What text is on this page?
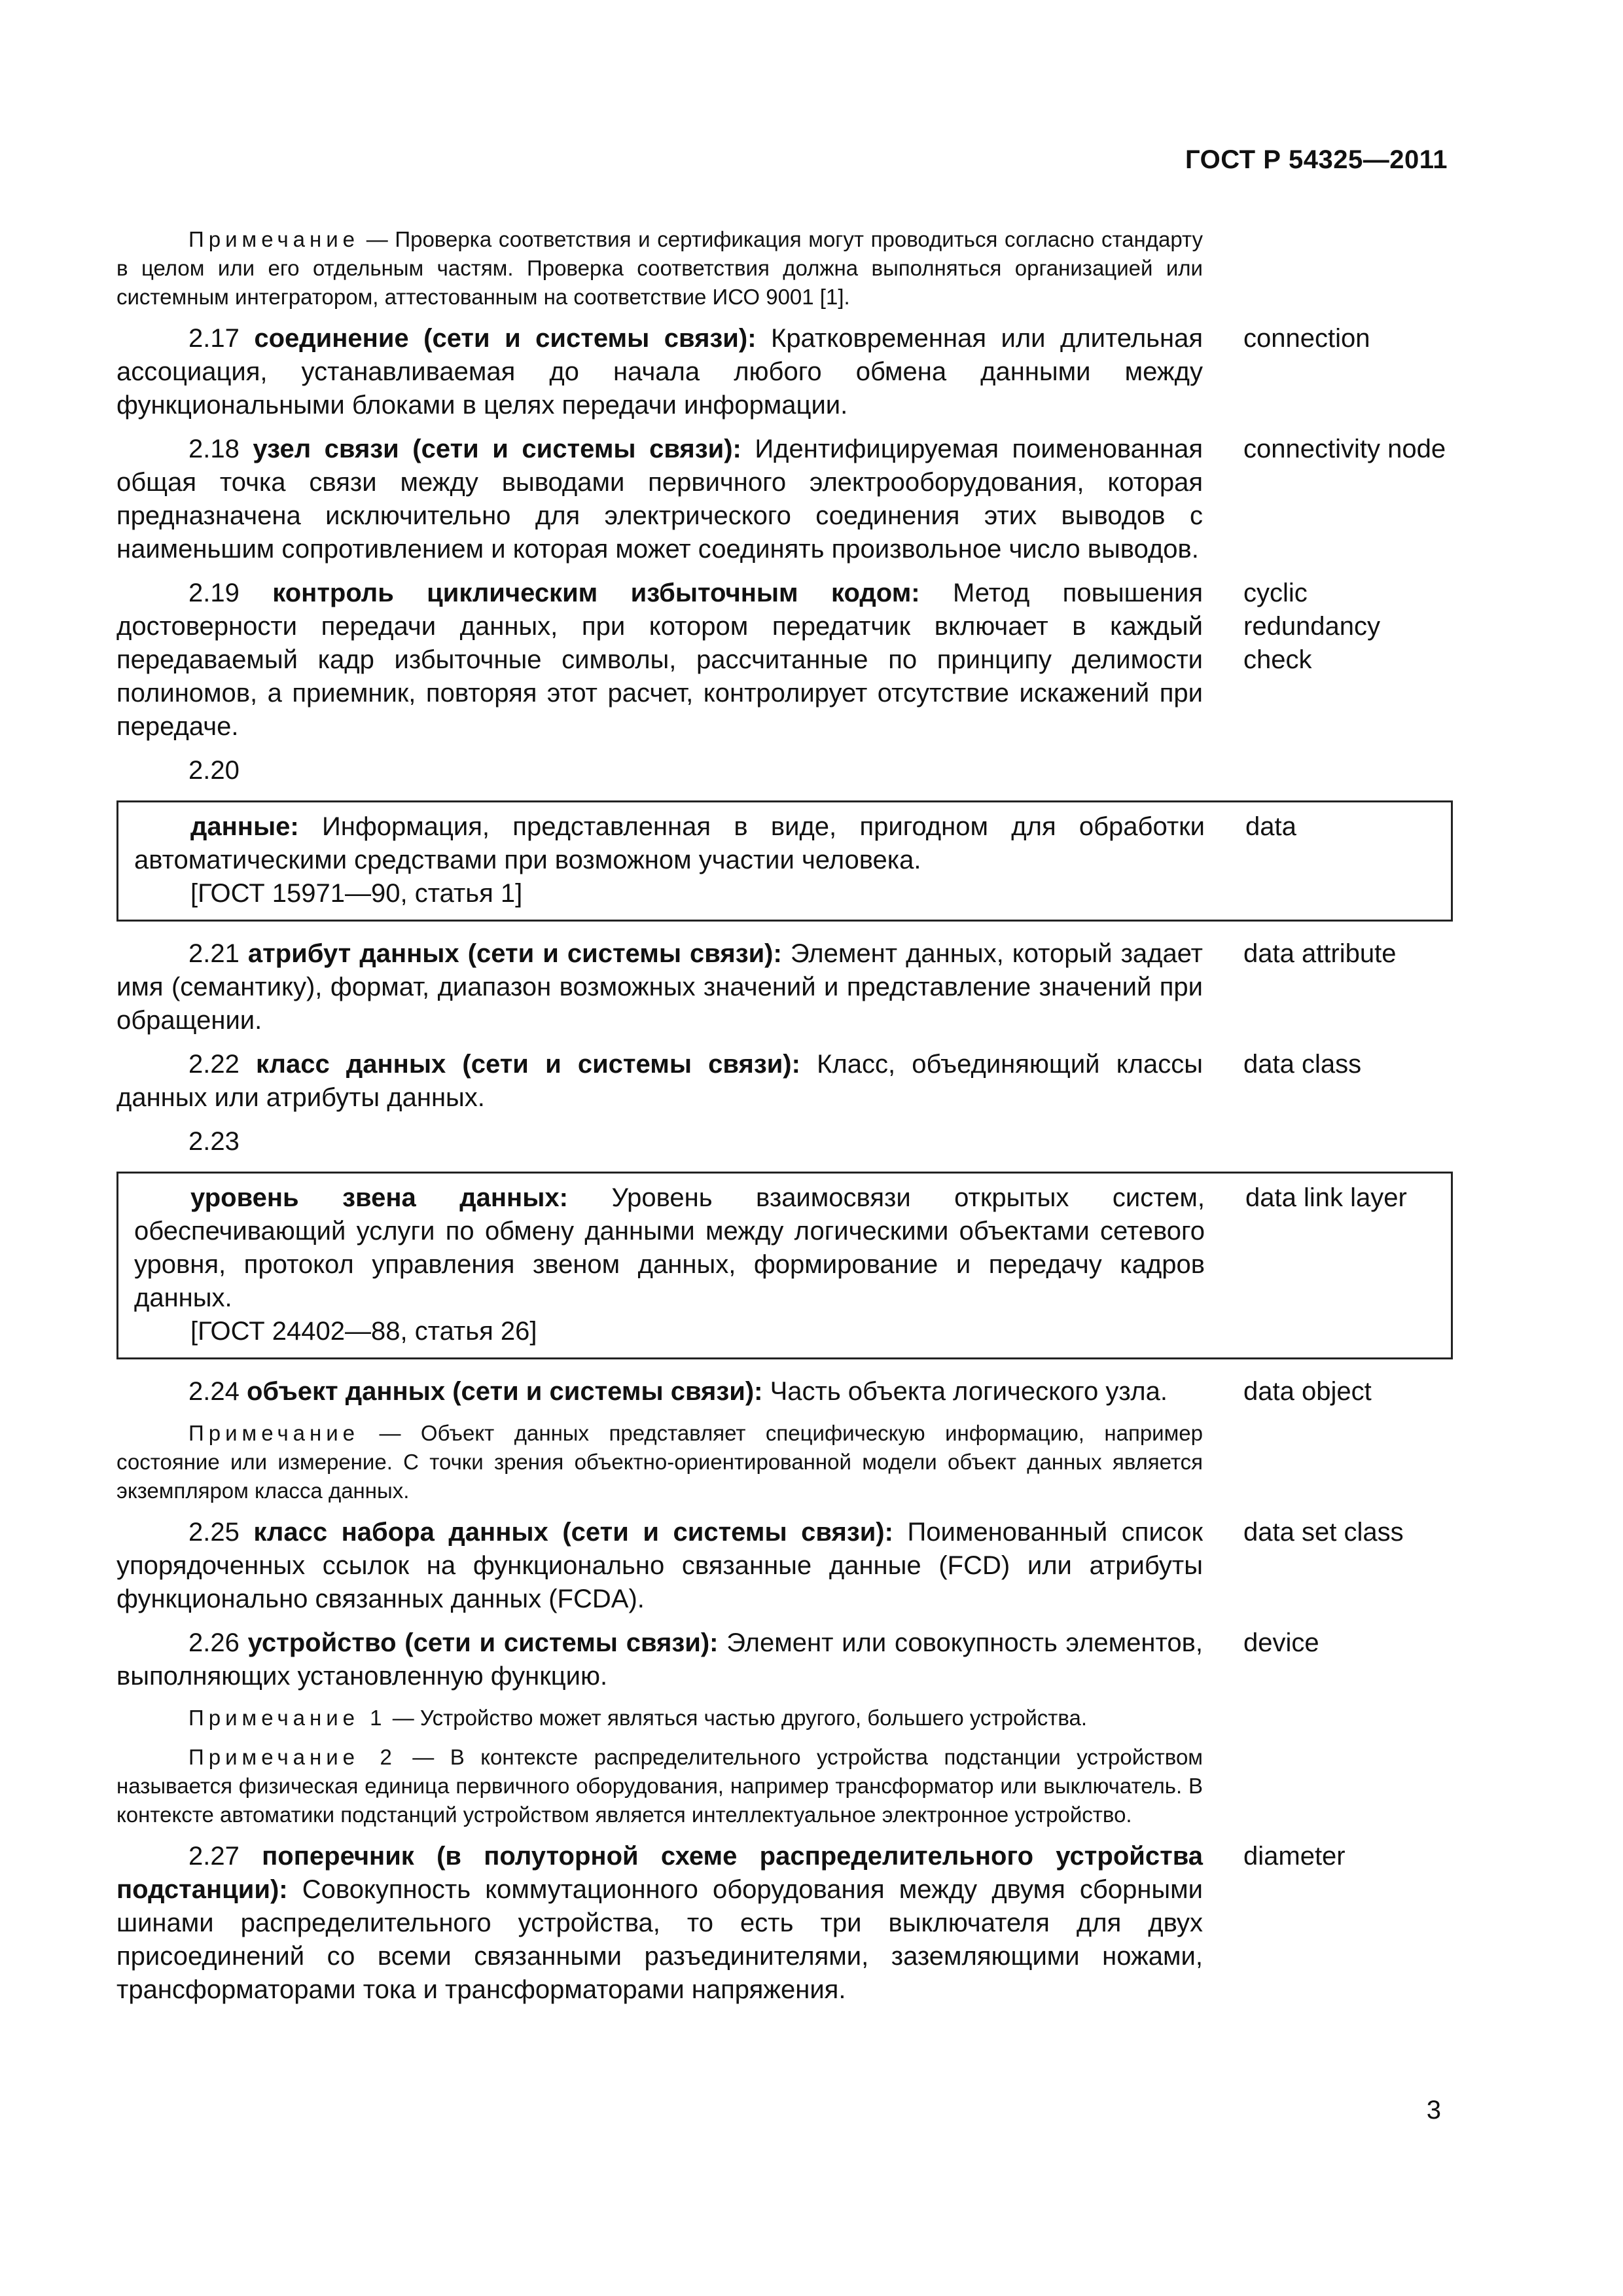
ГОСТ Р 54325—2011
Примечание — Проверка соответствия и сертификация могут проводиться согласно стандарту в целом или его отдельным частям. Проверка соответствия должна выполняться организацией или системным интегратором, аттестованным на соответствие ИСО 9001 [1].
2.17 соединение (сети и системы связи): Кратковременная или длительная ассоциация, устанавливаемая до начала любого обмена данными между функциональными блоками в целях передачи информации.
connection
2.18 узел связи (сети и системы связи): Идентифицируемая поименованная общая точка связи между выводами первичного электрооборудования, которая предназначена исключительно для электрического соединения этих выводов с наименьшим сопротивлением и которая может соединять произвольное число выводов.
connectivity node
2.19 контроль циклическим избыточным кодом: Метод повышения достоверности передачи данных, при котором передатчик включает в каждый передаваемый кадр избыточные символы, рассчитанные по принципу делимости полиномов, а приемник, повторяя этот расчет, контролирует отсутствие искажений при передаче.
cyclic redundancy check
2.20
данные: Информация, представленная в виде, пригодном для обработки автоматическими средствами при возможном участии человека.
[ГОСТ 15971—90, статья 1]
data
2.21 атрибут данных (сети и системы связи): Элемент данных, который задает имя (семантику), формат, диапазон возможных значений и представление значений при обращении.
data attribute
2.22 класс данных (сети и системы связи): Класс, объединяющий классы данных или атрибуты данных.
data class
2.23
уровень звена данных: Уровень взаимосвязи открытых систем, обеспечивающий услуги по обмену данными между логическими объектами сетевого уровня, протокол управления звеном данных, формирование и передачу кадров данных.
[ГОСТ 24402—88, статья 26]
data link layer
2.24 объект данных (сети и системы связи): Часть объекта логического узла.	data object
Примечание — Объект данных представляет специфическую информацию, например состояние или измерение. С точки зрения объектно-ориентированной модели объект данных является экземпляром класса данных.
2.25 класс набора данных (сети и системы связи): Поименованный список упорядоченных ссылок на функционально связанные данные (FCD) или атрибуты функционально связанных данных (FCDA).
data set class
2.26 устройство (сети и системы связи): Элемент или совокупность элементов, выполняющих установленную функцию.
device
Примечание 1 — Устройство может являться частью другого, большего устройства.
Примечание 2 — В контексте распределительного устройства подстанции устройством называется физическая единица первичного оборудования, например трансформатор или выключатель. В контексте автоматики подстанций устройством является интеллектуальное электронное устройство.
2.27 поперечник (в полуторной схеме распределительного устройства подстанции): Совокупность коммутационного оборудования между двумя сборными шинами распределительного устройства, то есть три выключателя для двух присоединений со всеми связанными разъединителями, заземляющими ножами, трансформаторами тока и трансформаторами напряжения.
diameter
3
